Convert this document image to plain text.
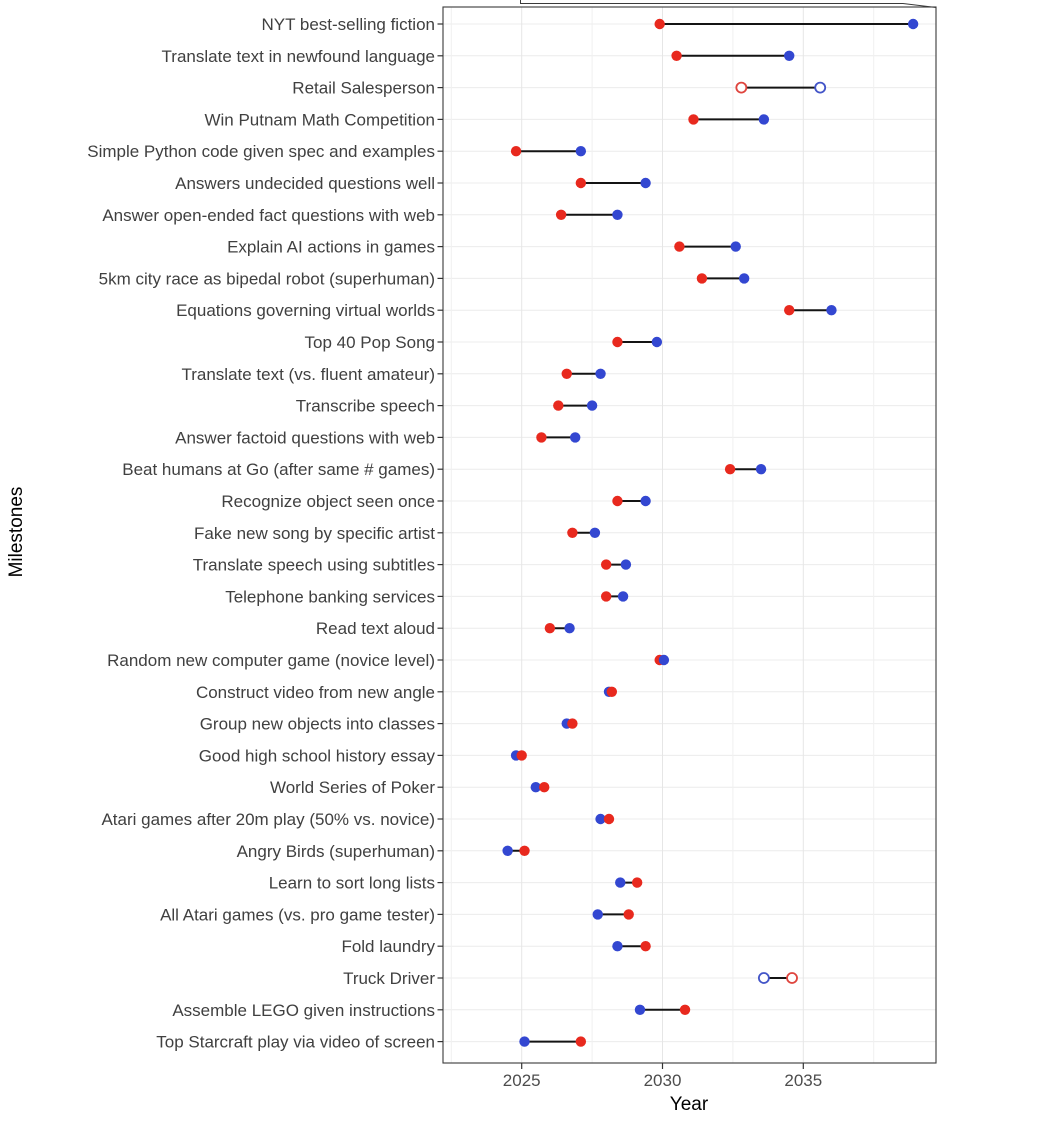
2025	2030	2035
NYT best-selling fiction
Translate text in newfound language
Retail Salesperson
Win Putnam Math Competition
Simple Python code given spec and examples
Answers undecided questions well
Answer open-ended fact questions with web
Explain AI actions in games
5km city race as bipedal robot (superhuman)
Equations governing virtual worlds
Top 40 Pop Song
Translate text (vs. fluent amateur)
Transcribe speech
Answer factoid questions with web
Beat humans at Go (after same # games)
Recognize object seen once
Fake new song by specific artist
Translate speech using subtitles
Telephone banking services
Read text aloud
Random new computer game (novice level)
Construct video from new angle
Group new objects into classes
Good high school history essay
World Series of Poker
Atari games after 20m play (50% vs. novice)
Angry Birds (superhuman)
Learn to sort long lists
All Atari games (vs. pro game tester)
Fold laundry
Truck Driver
Assemble LEGO given instructions
Top Starcraft play via video of screen
Milestones
Year
